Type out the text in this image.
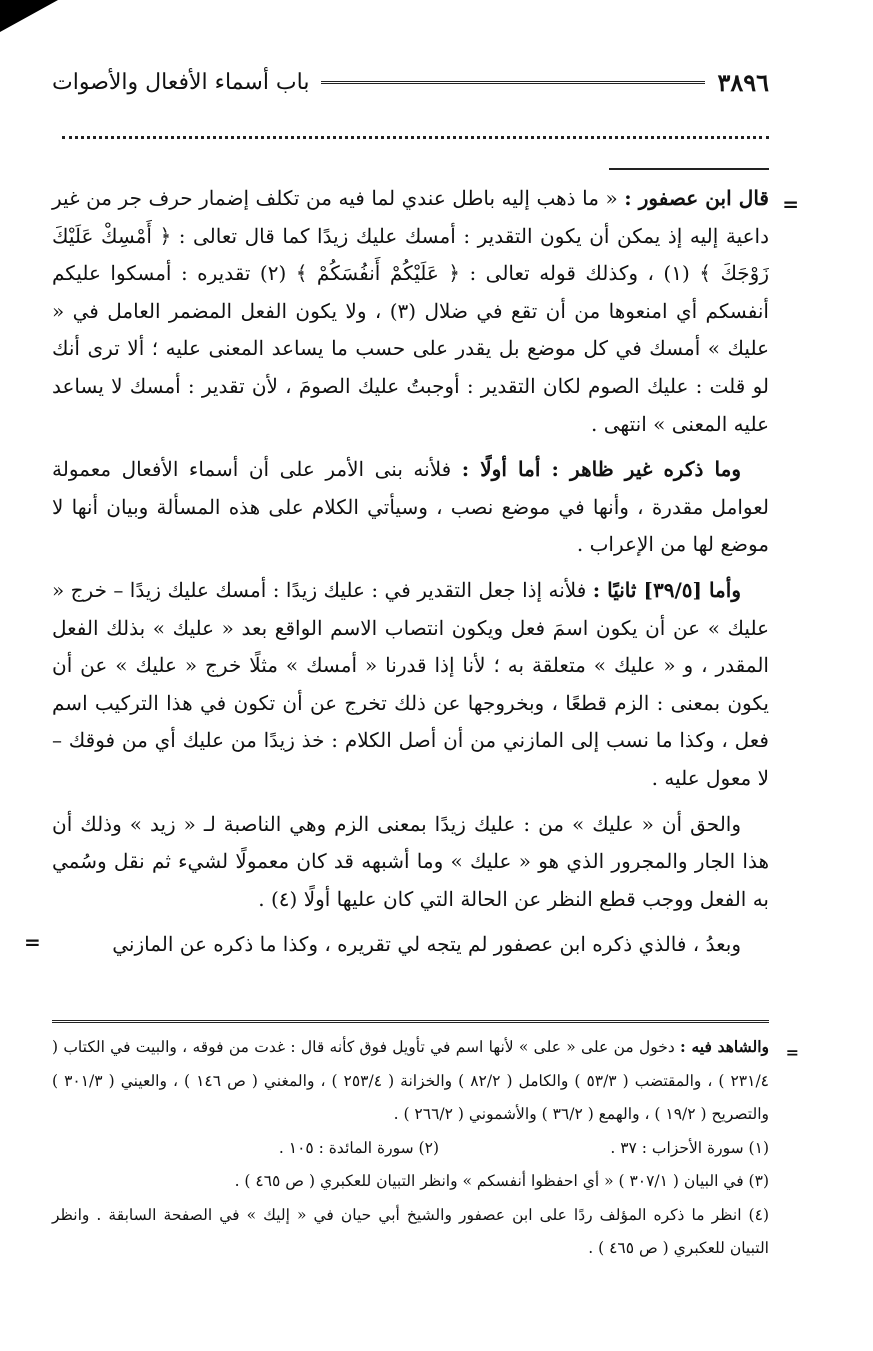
٣٨٩٦
باب أسماء الأفعال والأصوات
=

قال ابن عصفور : « ما ذهب إليه باطل عندي لما فيه من تكلف إضمار حرف جر من غير داعية إليه إذ يمكن أن يكون التقدير : أمسك عليك زيدًا كما قال تعالى : ﴿ أَمْسِكْ عَلَيْكَ زَوْجَكَ ﴾ (١) ، وكذلك قوله تعالى : ﴿ عَلَيْكُمْ أَنفُسَكُمْ ﴾ (٢) تقديره : أمسكوا عليكم أنفسكم أي امنعوها من أن تقع في ضلال (٣) ، ولا يكون الفعل المضمر العامل في « عليك » أمسك في كل موضع بل يقدر على حسب ما يساعد المعنى عليه ؛ ألا ترى أنك لو قلت : عليك الصوم لكان التقدير : أوجبتُ عليك الصومَ ، لأن تقدير : أمسك لا يساعد عليه المعنى » انتهى .

وما ذكره غير ظاهر : أما أولًا : فلأنه بنى الأمر على أن أسماء الأفعال معمولة لعوامل مقدرة ، وأنها في موضع نصب ، وسيأتي الكلام على هذه المسألة وبيان أنها لا موضع لها من الإعراب .

وأما [٣٩/٥] ثانيًا : فلأنه إذا جعل التقدير في : عليك زيدًا : أمسك عليك زيدًا – خرج « عليك » عن أن يكون اسمَ فعل ويكون انتصاب الاسم الواقع بعد « عليك » بذلك الفعل المقدر ، و « عليك » متعلقة به ؛ لأنا إذا قدرنا « أمسك » مثلًا خرج « عليك » عن أن يكون بمعنى : الزم قطعًا ، وبخروجها عن ذلك تخرج عن أن تكون في هذا التركيب اسم فعل ، وكذا ما نسب إلى المازني من أن أصل الكلام : خذ زيدًا من عليك أي من فوقك – لا معول عليه .

والحق أن « عليك » من : عليك زيدًا بمعنى الزم وهي الناصبة لـ « زيد » وذلك أن هذا الجار والمجرور الذي هو « عليك » وما أشبهه قد كان معمولًا لشيء ثم نقل وسُمي به الفعل ووجب قطع النظر عن الحالة التي كان عليها أولًا (٤) .

وبعدُ ، فالذي ذكره ابن عصفور لم يتجه لي تقريره ، وكذا ما ذكره عن المازني

=
=

والشاهد فيه : دخول من على « على » لأنها اسم في تأويل فوق كأنه قال : غدت من فوقه ، والبيت في الكتاب ( ٢٣١/٤ ) ، والمقتضب ( ٥٣/٣ ) والكامل ( ٨٢/٢ ) والخزانة ( ٢٥٣/٤ ) ، والمغني ( ص ١٤٦ ) ، والعيني ( ٣٠١/٣ ) والتصريح ( ١٩/٢ ) ، والهمع ( ٣٦/٢ ) والأشموني ( ٢٦٦/٢ ) .

(١) سورة الأحزاب : ٣٧ .
(٢) سورة المائدة : ١٠٥ .

(٣) في البيان ( ٣٠٧/١ ) « أي احفظوا أنفسكم » وانظر التبيان للعكبري ( ص ٤٦٥ ) .

(٤) انظر ما ذكره المؤلف ردًا على ابن عصفور والشيخ أبي حيان في « إليك » في الصفحة السابقة . وانظر التبيان للعكبري ( ص ٤٦٥ ) .
